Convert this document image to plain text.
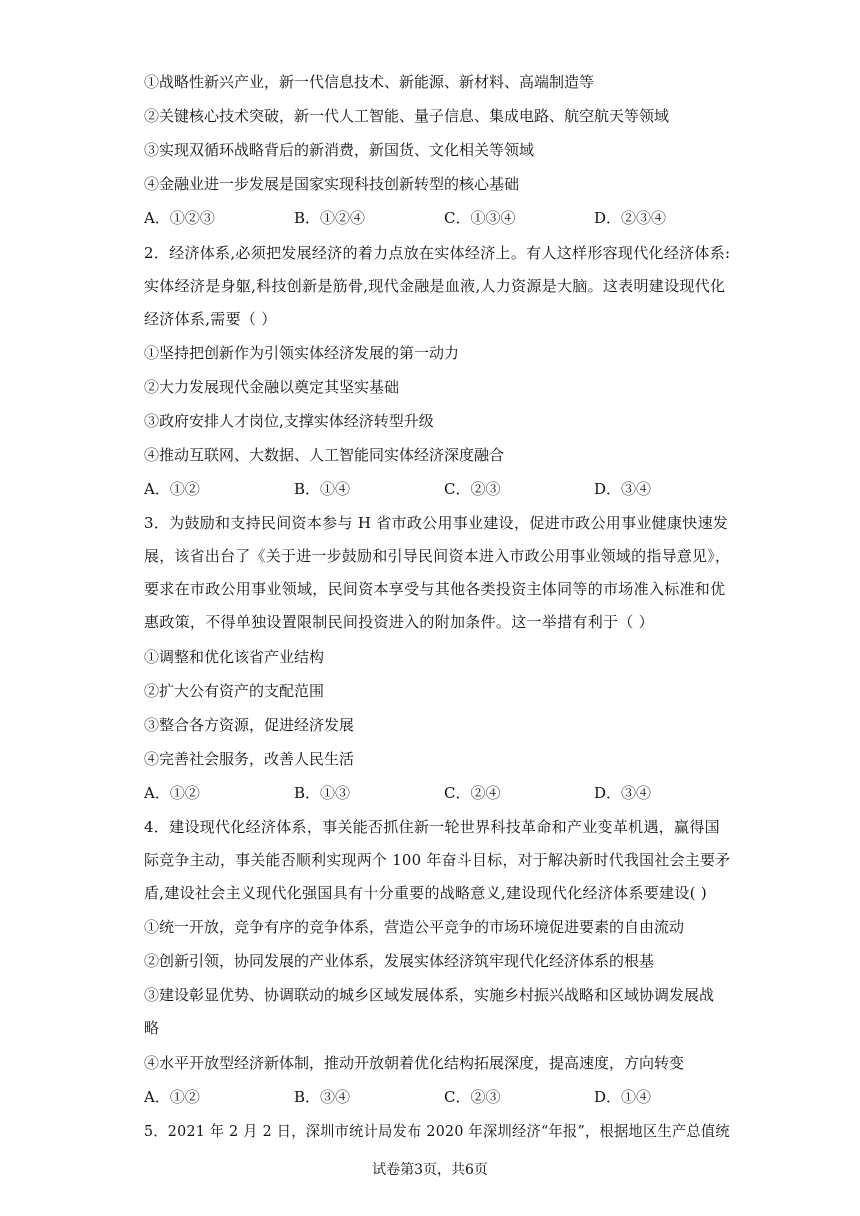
①战略性新兴产业，新一代信息技术、新能源、新材料、高端制造等
②关键核心技术突破，新一代人工智能、量子信息、集成电路、航空航天等领域
③实现双循环战略背后的新消费，新国货、文化相关等领域
④金融业进一步发展是国家实现科技创新转型的核心基础
A．①②③	B．①②④	C．①③④	D．②③④
2．经济体系,必须把发展经济的着力点放在实体经济上。有人这样形容现代化经济体系:
实体经济是身躯,科技创新是筋骨,现代金融是血液,人力资源是大脑。这表明建设现代化
经济体系,需要（ ）
①坚持把创新作为引领实体经济发展的第一动力
②大力发展现代金融以奠定其坚实基础
③政府安排人才岗位,支撑实体经济转型升级
④推动互联网、大数据、人工智能同实体经济深度融合
A．①②	B．①④	C．②③	D．③④
3．为鼓励和支持民间资本参与 H 省市政公用事业建设，促进市政公用事业健康快速发
展，该省出台了《关于进一步鼓励和引导民间资本进入市政公用事业领域的指导意见》，
要求在市政公用事业领域，民间资本享受与其他各类投资主体同等的市场准入标准和优
惠政策，不得单独设置限制民间投资进入的附加条件。这一举措有利于（ ）
①调整和优化该省产业结构
②扩大公有资产的支配范围
③整合各方资源，促进经济发展
④完善社会服务，改善人民生活
A．①②	B．①③	C．②④	D．③④
4．建设现代化经济体系，事关能否抓住新一轮世界科技革命和产业变革机遇，赢得国
际竞争主动，事关能否顺利实现两个 100 年奋斗目标，对于解决新时代我国社会主要矛
盾,建设社会主义现代化强国具有十分重要的战略意义,建设现代化经济体系要建设( )
①统一开放，竞争有序的竞争体系，营造公平竞争的市场环境促进要素的自由流动
②创新引领，协同发展的产业体系，发展实体经济筑牢现代化经济体系的根基
③建设彰显优势、协调联动的城乡区域发展体系，实施乡村振兴战略和区域协调发展战
略
④水平开放型经济新体制，推动开放朝着优化结构拓展深度，提高速度，方向转变
A．①②	B．③④	C．②③	D．①④
5．2021 年 2 月 2 日，深圳市统计局发布 2020 年深圳经济“年报”，根据地区生产总值统
试卷第3页，共6页
